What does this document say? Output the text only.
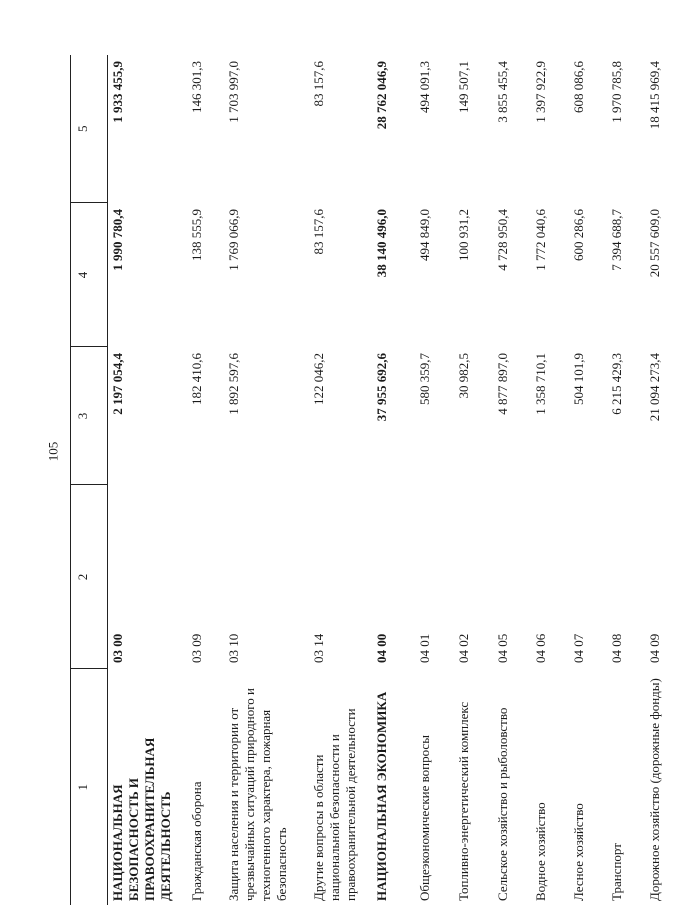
105
1	2	3	4	5
НАЦИОНАЛЬНАЯ БЕЗОПАСНОСТЬ И ПРАВООХРАНИТЕЛЬНАЯ ДЕЯТЕЛЬНОСТЬ	03 00	2 197 054,4	1 990 780,4	1 933 455,9
Гражданская оборона	03 09	182 410,6	138 555,9	146 301,3
Защита населения и территории от чрезвычайных ситуаций природного и техногенного характера, пожарная безопасность	03 10	1 892 597,6	1 769 066,9	1 703 997,0
Другие вопросы в области национальной безопасности и правоохранительной деятельности	03 14	122 046,2	83 157,6	83 157,6
НАЦИОНАЛЬНАЯ ЭКОНОМИКА	04 00	37 955 692,6	38 140 496,0	28 762 046,9
Общеэкономические вопросы	04 01	580 359,7	494 849,0	494 091,3
Топливно-энергетический комплекс	04 02	30 982,5	100 931,2	149 507,1
Сельское хозяйство и рыболовство	04 05	4 877 897,0	4 728 950,4	3 855 455,4
Водное хозяйство	04 06	1 358 710,1	1 772 040,6	1 397 922,9
Лесное хозяйство	04 07	504 101,9	600 286,6	608 086,6
Транспорт	04 08	6 215 429,3	7 394 688,7	1 970 785,8
Дорожное хозяйство (дорожные фонды)	04 09	21 094 273,4	20 557 609,0	18 415 969,4
